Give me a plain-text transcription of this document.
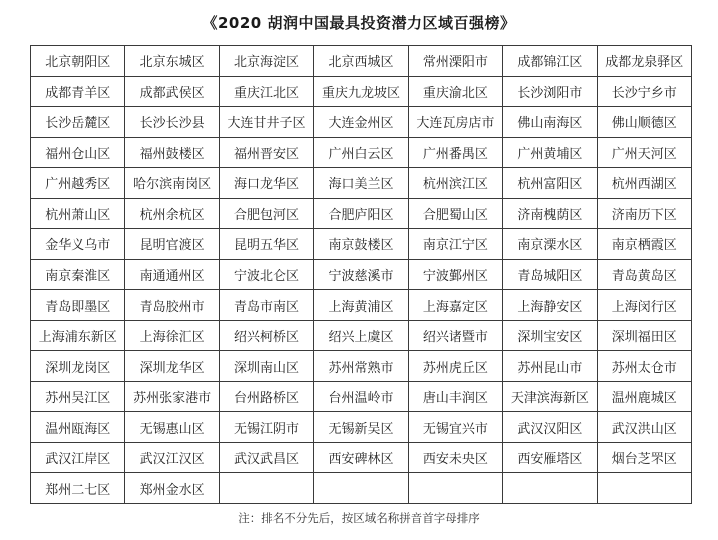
《2020 胡润中国最具投资潜力区域百强榜》
北京朝阳区	北京东城区	北京海淀区	北京西城区	常州溧阳市	成都锦江区	成都龙泉驿区
成都青羊区	成都武侯区	重庆江北区	重庆九龙坡区	重庆渝北区	长沙浏阳市	长沙宁乡市
长沙岳麓区	长沙长沙县	大连甘井子区	大连金州区	大连瓦房店市	佛山南海区	佛山顺德区
福州仓山区	福州鼓楼区	福州晋安区	广州白云区	广州番禺区	广州黄埔区	广州天河区
广州越秀区	哈尔滨南岗区	海口龙华区	海口美兰区	杭州滨江区	杭州富阳区	杭州西湖区
杭州萧山区	杭州余杭区	合肥包河区	合肥庐阳区	合肥蜀山区	济南槐荫区	济南历下区
金华义乌市	昆明官渡区	昆明五华区	南京鼓楼区	南京江宁区	南京溧水区	南京栖霞区
南京秦淮区	南通通州区	宁波北仑区	宁波慈溪市	宁波鄞州区	青岛城阳区	青岛黄岛区
青岛即墨区	青岛胶州市	青岛市南区	上海黄浦区	上海嘉定区	上海静安区	上海闵行区
上海浦东新区	上海徐汇区	绍兴柯桥区	绍兴上虞区	绍兴诸暨市	深圳宝安区	深圳福田区
深圳龙岗区	深圳龙华区	深圳南山区	苏州常熟市	苏州虎丘区	苏州昆山市	苏州太仓市
苏州吴江区	苏州张家港市	台州路桥区	台州温岭市	唐山丰润区	天津滨海新区	温州鹿城区
温州瓯海区	无锡惠山区	无锡江阴市	无锡新吴区	无锡宜兴市	武汉汉阳区	武汉洪山区
武汉江岸区	武汉江汉区	武汉武昌区	西安碑林区	西安未央区	西安雁塔区	烟台芝罘区
郑州二七区	郑州金水区					
注：排名不分先后，按区域名称拼音首字母排序
